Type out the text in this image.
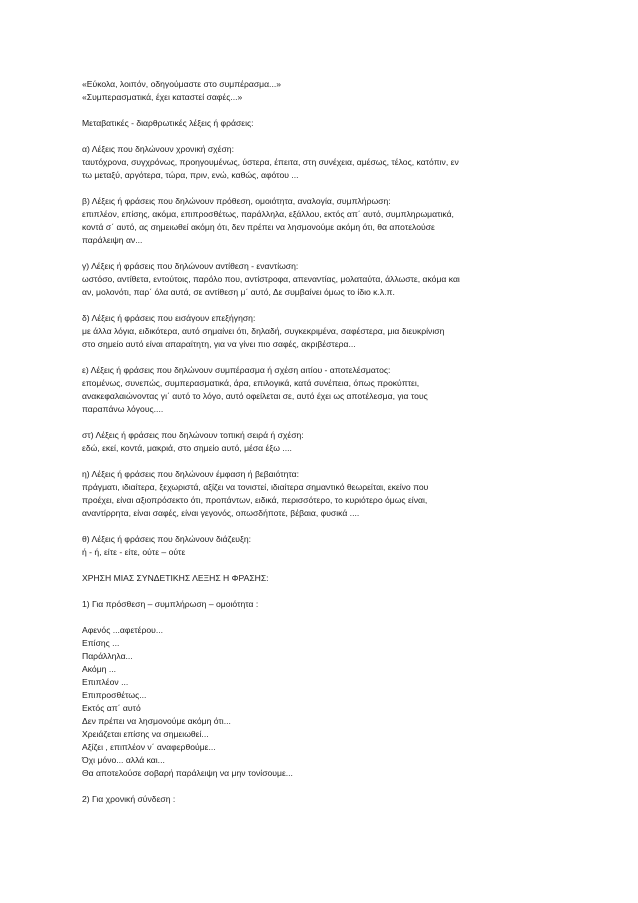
«Εύκολα, λοιπόν, οδηγούμαστε στο συμπέρασμα...»
«Συμπερασματικά, έχει καταστεί σαφές...»
Μεταβατικές - διαρθρωτικές λέξεις ή φράσεις:
α) Λέξεις που δηλώνουν χρονική σχέση:
ταυτόχρονα, συγχρόνως, προηγουμένως, ύστερα, έπειτα, στη συνέχεια, αμέσως, τέλος, κατόπιν, εν
τω μεταξύ, αργότερα, τώρα, πριν, ενώ, καθώς, αφότου ...
β) Λέξεις ή φράσεις που δηλώνουν πρόθεση, ομοιότητα, αναλογία, συμπλήρωση:
επιπλέον, επίσης, ακόμα, επιπροσθέτως, παράλληλα, εξάλλου, εκτός απ΄ αυτό, συμπληρωματικά,
κοντά σ΄ αυτό, ας σημειωθεί ακόμη ότι, δεν πρέπει να λησμονούμε ακόμη ότι, θα αποτελούσε
παράλειψη αν...
γ) Λέξεις ή φράσεις που δηλώνουν αντίθεση - εναντίωση:
ωστόσο, αντίθετα, εντούτοις, παρόλο που, αντίστροφα, απεναντίας, μολαταύτα, άλλωστε, ακόμα και
αν, μολονότι, παρ΄ όλα αυτά, σε αντίθεση μ΄ αυτό, Δε συμβαίνει όμως το ίδιο κ.λ.π.
δ) Λέξεις ή φράσεις που εισάγουν επεξήγηση:
με άλλα λόγια, ειδικότερα, αυτό σημαίνει ότι, δηλαδή, συγκεκριμένα, σαφέστερα, μια διευκρίνιση
στο σημείο αυτό είναι απαραίτητη, για να γίνει πιο σαφές, ακριβέστερα...
ε) Λέξεις ή φράσεις που δηλώνουν συμπέρασμα ή σχέση αιτίου - αποτελέσματος:
επομένως, συνεπώς, συμπερασματικά, άρα, επιλογικά, κατά συνέπεια, όπως προκύπτει,
ανακεφαλαιώνοντας γι΄ αυτό το λόγο, αυτό οφείλεται σε, αυτό έχει ως αποτέλεσμα, για τους
παραπάνω λόγους....
στ) Λέξεις ή φράσεις που δηλώνουν τοπική σειρά ή σχέση:
εδώ, εκεί, κοντά, μακριά, στο σημείο αυτό, μέσα έξω ....
η) Λέξεις ή φράσεις που δηλώνουν έμφαση ή βεβαιότητα:
πράγματι, ιδιαίτερα, ξεχωριστά, αξίζει να τονιστεί, ιδιαίτερα σημαντικό θεωρείται, εκείνο που
προέχει, είναι αξιοπρόσεκτο ότι, προπάντων, ειδικά, περισσότερο, το κυριότερο όμως είναι,
αναντίρρητα, είναι σαφές, είναι γεγονός, οπωσδήποτε, βέβαια, φυσικά ....
θ) Λέξεις ή φράσεις που δηλώνουν διάζευξη:
ή - ή, είτε - είτε, ούτε – ούτε
ΧΡΗΣΗ ΜΙΑΣ ΣΥΝΔΕΤΙΚΗΣ ΛΕΞΗΣ Η ΦΡΑΣΗΣ:
1) Για πρόσθεση – συμπλήρωση – ομοιότητα :
Αφενός ...αφετέρου...
Επίσης ...
Παράλληλα...
Ακόμη ...
Επιπλέον ...
Επιπροσθέτως...
Εκτός απ΄ αυτό
Δεν πρέπει να λησμονούμε ακόμη ότι...
Χρειάζεται επίσης να σημειωθεί...
Αξίζει , επιπλέον ν΄ αναφερθούμε...
Όχι μόνο... αλλά και...
Θα αποτελούσε σοβαρή παράλειψη να μην τονίσουμε...
2) Για χρονική σύνδεση :
